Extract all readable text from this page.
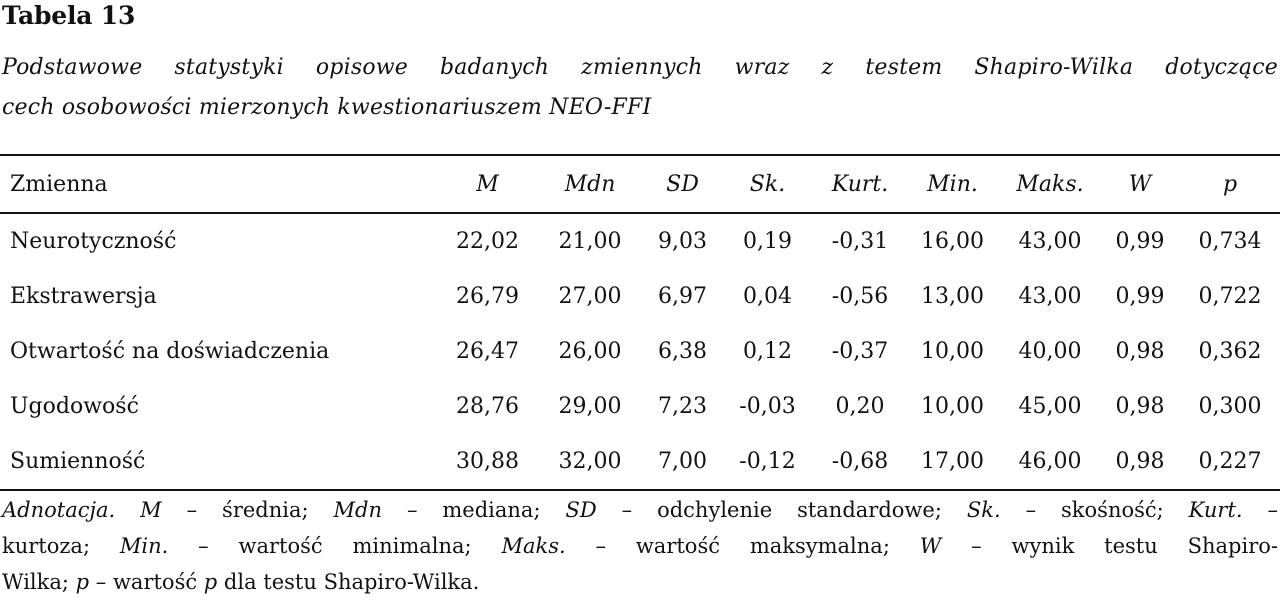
Tabela 13
Podstawowe statystyki opisowe badanych zmiennych wraz z testem Shapiro-Wilka dotyczące
cech osobowości mierzonych kwestionariuszem NEO-FFI
Zmienna	M	Mdn	SD	Sk.	Kurt.	Min.	Maks.	W	p
Neurotyczność	22,02	21,00	9,03	0,19	-0,31	16,00	43,00	0,99	0,734
Ekstrawersja	26,79	27,00	6,97	0,04	-0,56	13,00	43,00	0,99	0,722
Otwartość na doświadczenia	26,47	26,00	6,38	0,12	-0,37	10,00	40,00	0,98	0,362
Ugodowość	28,76	29,00	7,23	-0,03	0,20	10,00	45,00	0,98	0,300
Sumienność	30,88	32,00	7,00	-0,12	-0,68	17,00	46,00	0,98	0,227
Adnotacja. M – średnia; Mdn – mediana; SD – odchylenie standardowe; Sk. – skośność; Kurt. –
kurtoza; Min. – wartość minimalna; Maks. – wartość maksymalna; W – wynik testu Shapiro-
Wilka; p – wartość p dla testu Shapiro-Wilka.
